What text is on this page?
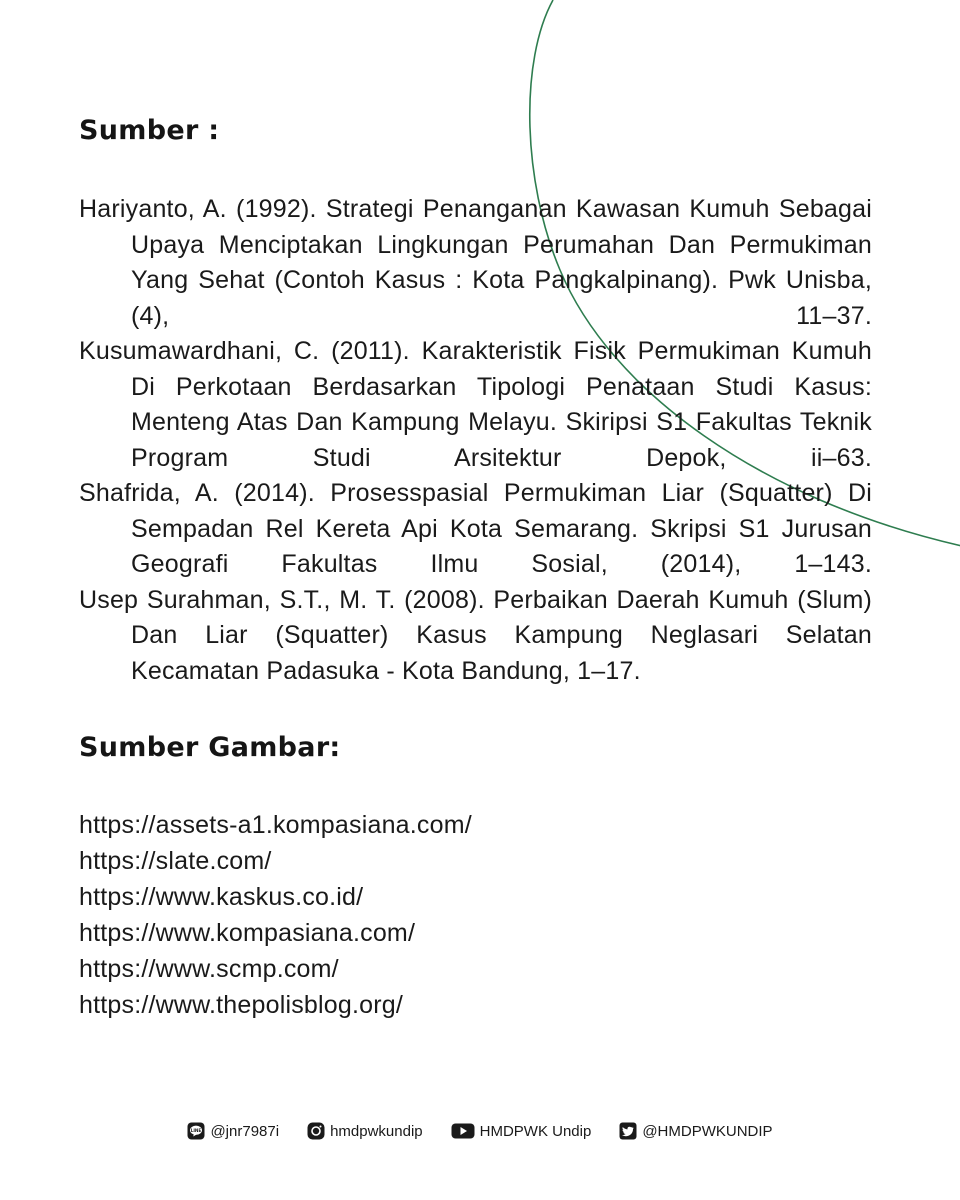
Sumber :
Hariyanto, A. (1992). Strategi Penanganan Kawasan Kumuh Sebagai Upaya Menciptakan Lingkungan Perumahan Dan Permukiman Yang Sehat (Contoh Kasus : Kota Pangkalpinang). Pwk Unisba, (4), 11–37.
Kusumawardhani, C. (2011). Karakteristik Fisik Permukiman Kumuh Di Perkotaan Berdasarkan Tipologi Penataan Studi Kasus: Menteng Atas Dan Kampung Melayu. Skiripsi S1 Fakultas Teknik Program Studi Arsitektur Depok, ii–63.
Shafrida, A. (2014). Prosesspasial Permukiman Liar (Squatter) Di Sempadan Rel Kereta Api Kota Semarang. Skripsi S1 Jurusan Geografi Fakultas Ilmu Sosial, (2014), 1–143.
Usep Surahman, S.T., M. T. (2008). Perbaikan Daerah Kumuh (Slum) Dan Liar (Squatter) Kasus Kampung Neglasari Selatan Kecamatan Padasuka - Kota Bandung, 1–17.
Sumber Gambar:
https://assets-a1.kompasiana.com/
https://slate.com/
https://www.kaskus.co.id/
https://www.kompasiana.com/
https://www.scmp.com/
https://www.thepolisblog.org/
LINE @jnr7987i	hmdpwkundip	HMDPWK Undip	@HMDPWKUNDIP
